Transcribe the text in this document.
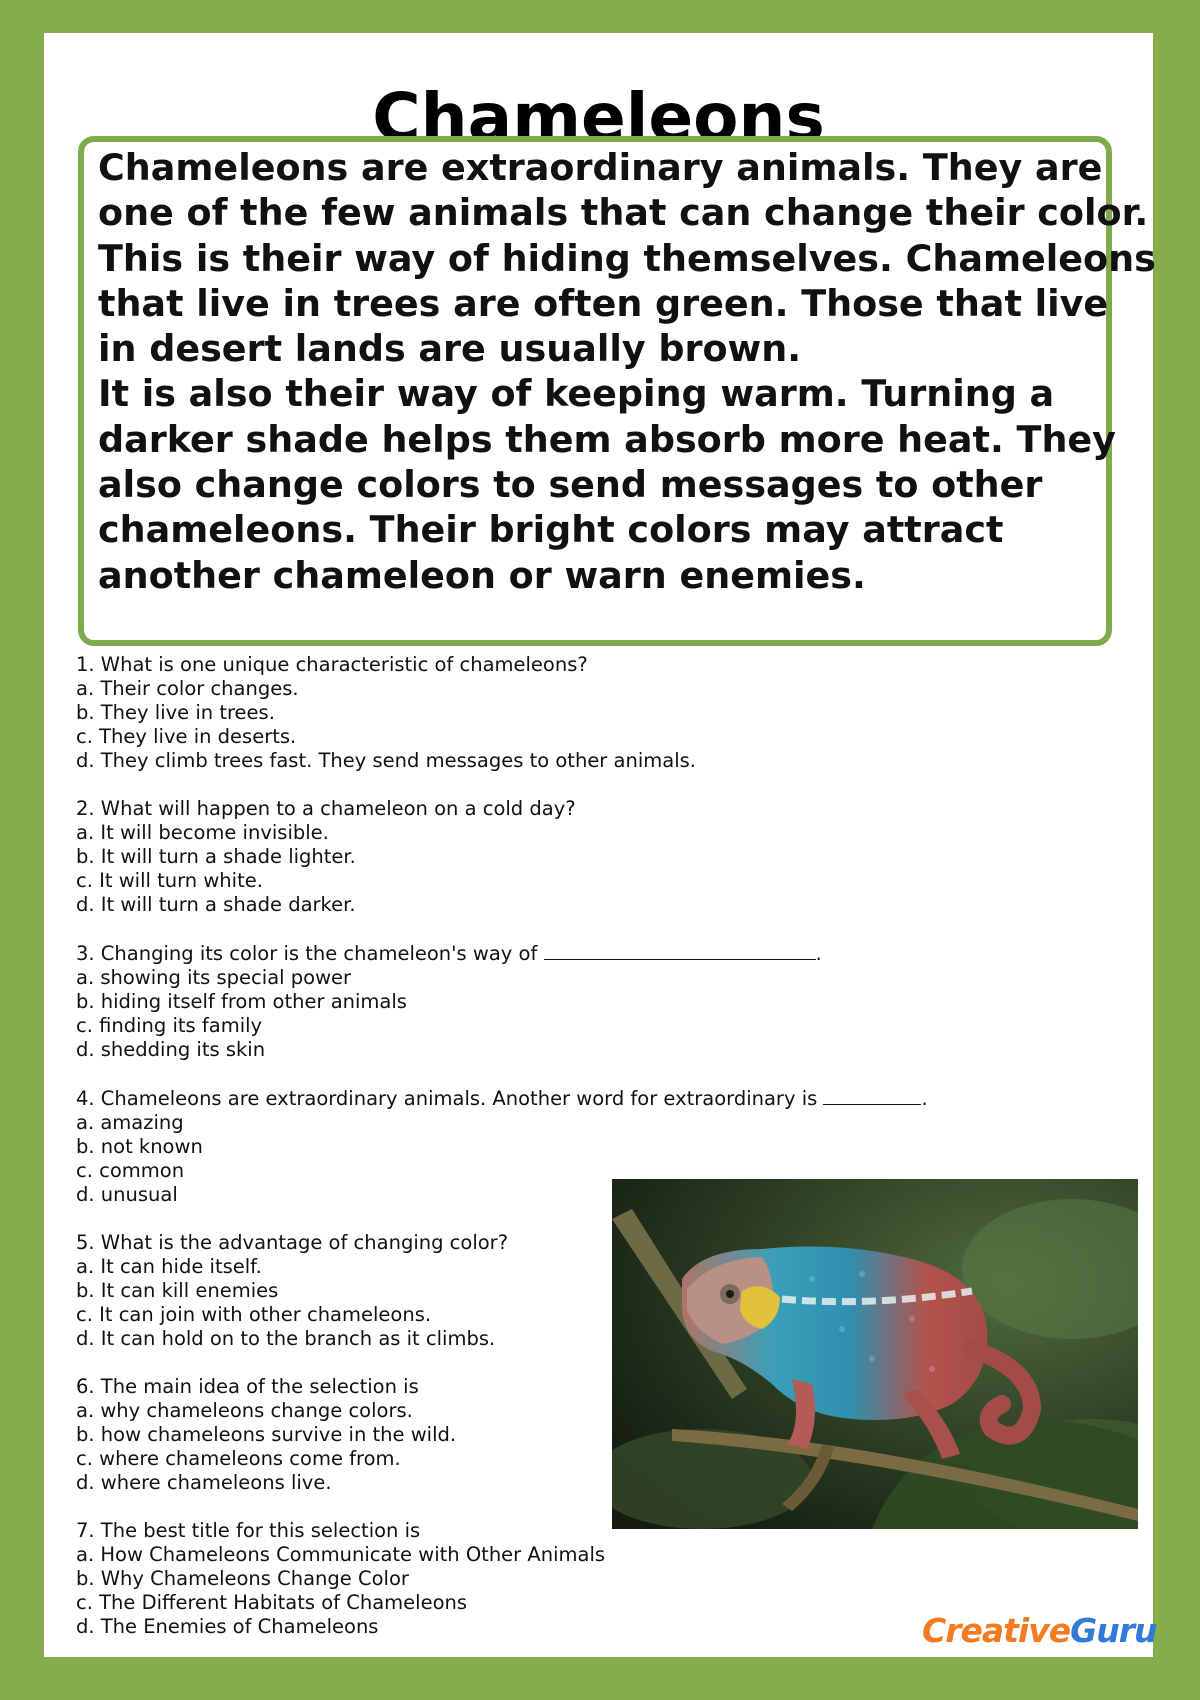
Chameleons

Chameleons are extraordinary animals. They are one of the few animals that can change their color. This is their way of hiding themselves. Chameleons that live in trees are often green. Those that live in desert lands are usually brown.

It is also their way of keeping warm. Turning a darker shade helps them absorb more heat. They also change colors to send messages to other chameleons. Their bright colors may attract another chameleon or warn enemies.

1. What is one unique characteristic of chameleons?
a. Their color changes.
b. They live in trees.
c. They live in deserts.
d. They climb trees fast. They send messages to other animals.
2. What will happen to a chameleon on a cold day?
a. It will become invisible.
b. It will turn a shade lighter.
c. It will turn white.
d. It will turn a shade darker.
3. Changing its color is the chameleon's way of	.
a. showing its special power
b. hiding itself from other animals
c. finding its family
d. shedding its skin
4. Chameleons are extraordinary animals. Another word for extraordinary is	.
a. amazing
b. not known
c. common
d. unusual
5. What is the advantage of changing color?
a. It can hide itself.
b. It can kill enemies
c. It can join with other chameleons.
d. It can hold on to the branch as it climbs.
6. The main idea of the selection is
a. why chameleons change colors.
b. how chameleons survive in the wild.
c. where chameleons come from.
d. where chameleons live.
7. The best title for this selection is
a. How Chameleons Communicate with Other Animals
b. Why Chameleons Change Color
c. The Different Habitats of Chameleons
d. The Enemies of Chameleons	CreativeGuru
